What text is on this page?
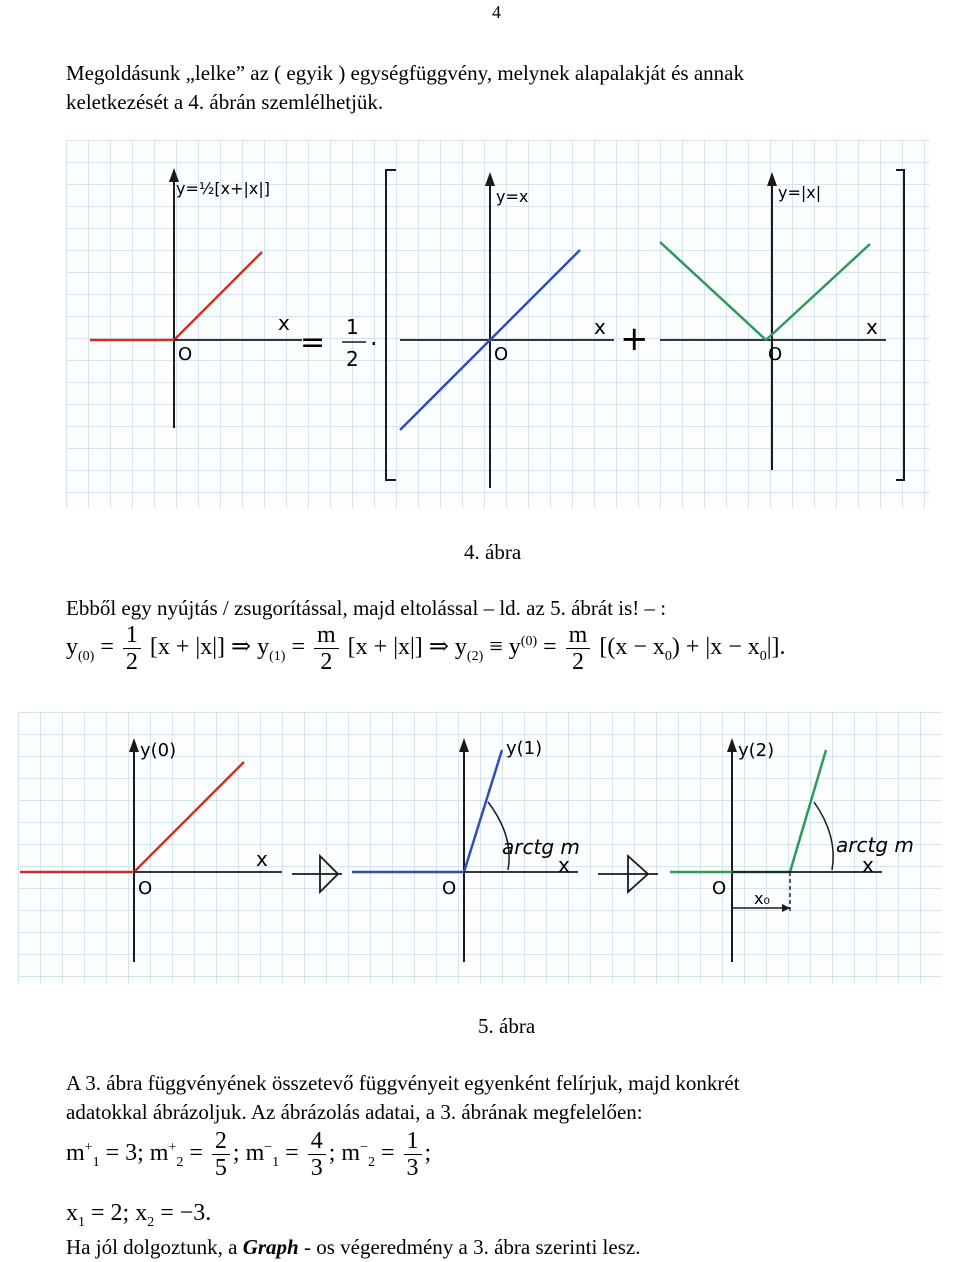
4
Megoldásunk „lelke” az ( egyik ) egységfüggvény, melynek alapalakját és annak
keletkezését a 4. ábrán szemlélhetjük.
y=½[x+|x|]
O
x
= 1
2
·
y=x
O
x +
y=|x|
O
x
4. ábra
Ebből egy nyújtás / zsugorítással, majd eltolással – ld. az 5. ábrát is! – :
$y_{(0)} = \frac{1}{2} [x + |x|]$ ⇒ $y_{(1)} = \frac{m}{2} [x + |x|]$ ⇒ $y_{(2)} \equiv y^{(0)} = \frac{m}{2} [(x - x_0) + |x - x_0|]$.
y(0)
O
x
y(1)
O
x
arctg m
y(2)
O
x
arctg m
x₀
5. ábra
A 3. ábra függvényének összetevő függvényeit egyenként felírjuk, majd konkrét
adatokkal ábrázoljuk. Az ábrázolás adatai, a 3. ábrának megfelelően:
$m^+_1 = 3$; $m^+_2 = \frac{2}{5}$ ; $m^-_1 = \frac{4}{3}$ ; $m^-_2 = \frac{1}{3}$ ;
$x_1 = 2$; $x_2 = -3$.
Ha jól dolgoztunk, a Graph - os végeredmény a 3. ábra szerinti lesz.
